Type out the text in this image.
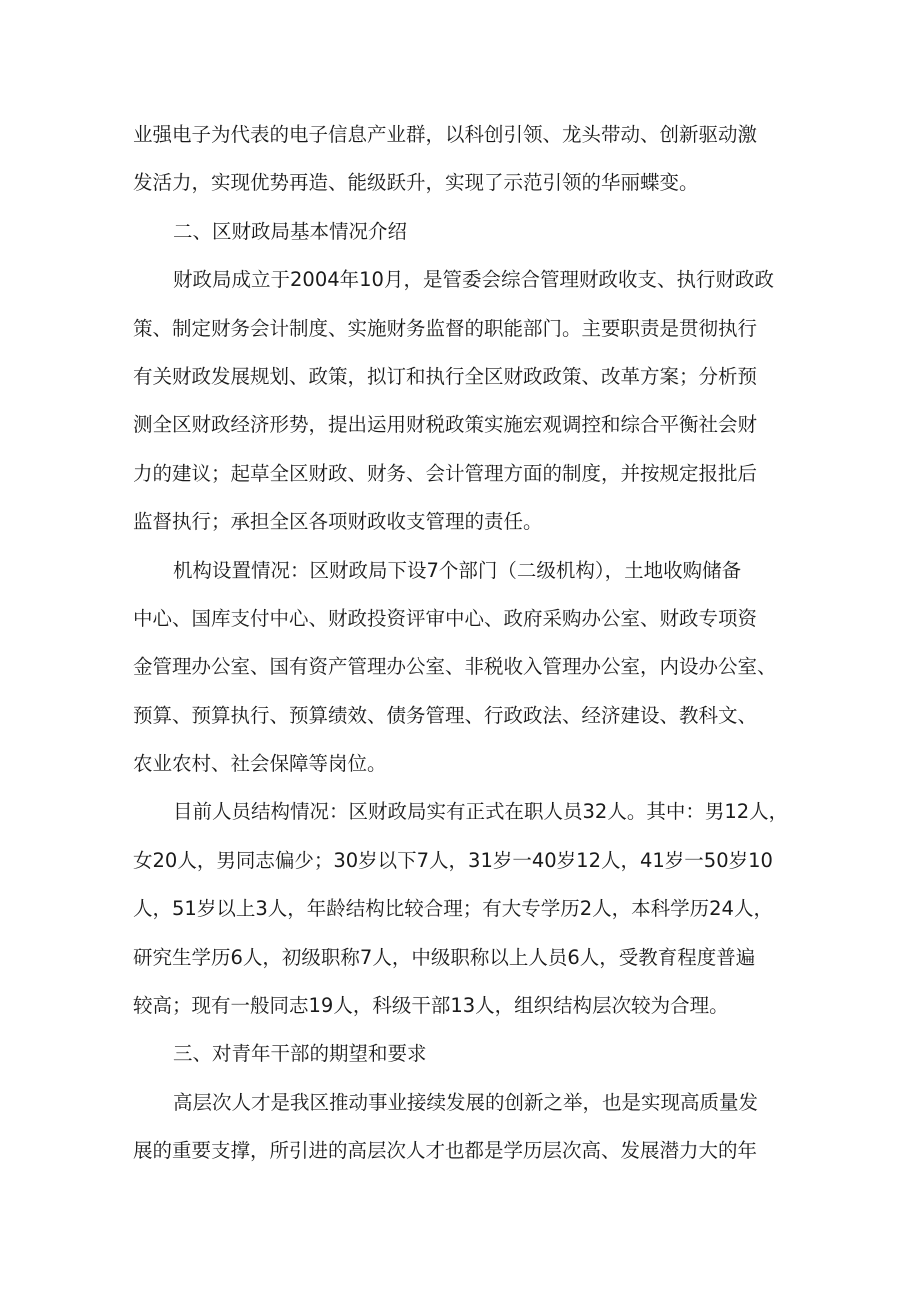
业强电子为代表的电子信息产业群，以科创引领、龙头带动、创新驱动激
发活力，实现优势再造、能级跃升，实现了示范引领的华丽蝶变。
二、区财政局基本情况介绍
财政局成立于2004年10月，是管委会综合管理财政收支、执行财政政
策、制定财务会计制度、实施财务监督的职能部门。主要职责是贯彻执行
有关财政发展规划、政策，拟订和执行全区财政政策、改革方案；分析预
测全区财政经济形势，提出运用财税政策实施宏观调控和综合平衡社会财
力的建议；起草全区财政、财务、会计管理方面的制度，并按规定报批后
监督执行；承担全区各项财政收支管理的责任。
机构设置情况：区财政局下设7个部门（二级机构），土地收购储备
中心、国库支付中心、财政投资评审中心、政府采购办公室、财政专项资
金管理办公室、国有资产管理办公室、非税收入管理办公室，内设办公室、
预算、预算执行、预算绩效、债务管理、行政政法、经济建设、教科文、
农业农村、社会保障等岗位。
目前人员结构情况：区财政局实有正式在职人员32人。其中：男12人，
女20人，男同志偏少；30岁以下7人，31岁一40岁12人，41岁一50岁10
人，51岁以上3人，年龄结构比较合理；有大专学历2人，本科学历24人，
研究生学历6人，初级职称7人，中级职称以上人员6人，受教育程度普遍
较高；现有一般同志19人，科级干部13人，组织结构层次较为合理。
三、对青年干部的期望和要求
高层次人才是我区推动事业接续发展的创新之举，也是实现高质量发
展的重要支撑，所引进的高层次人才也都是学历层次高、发展潜力大的年
